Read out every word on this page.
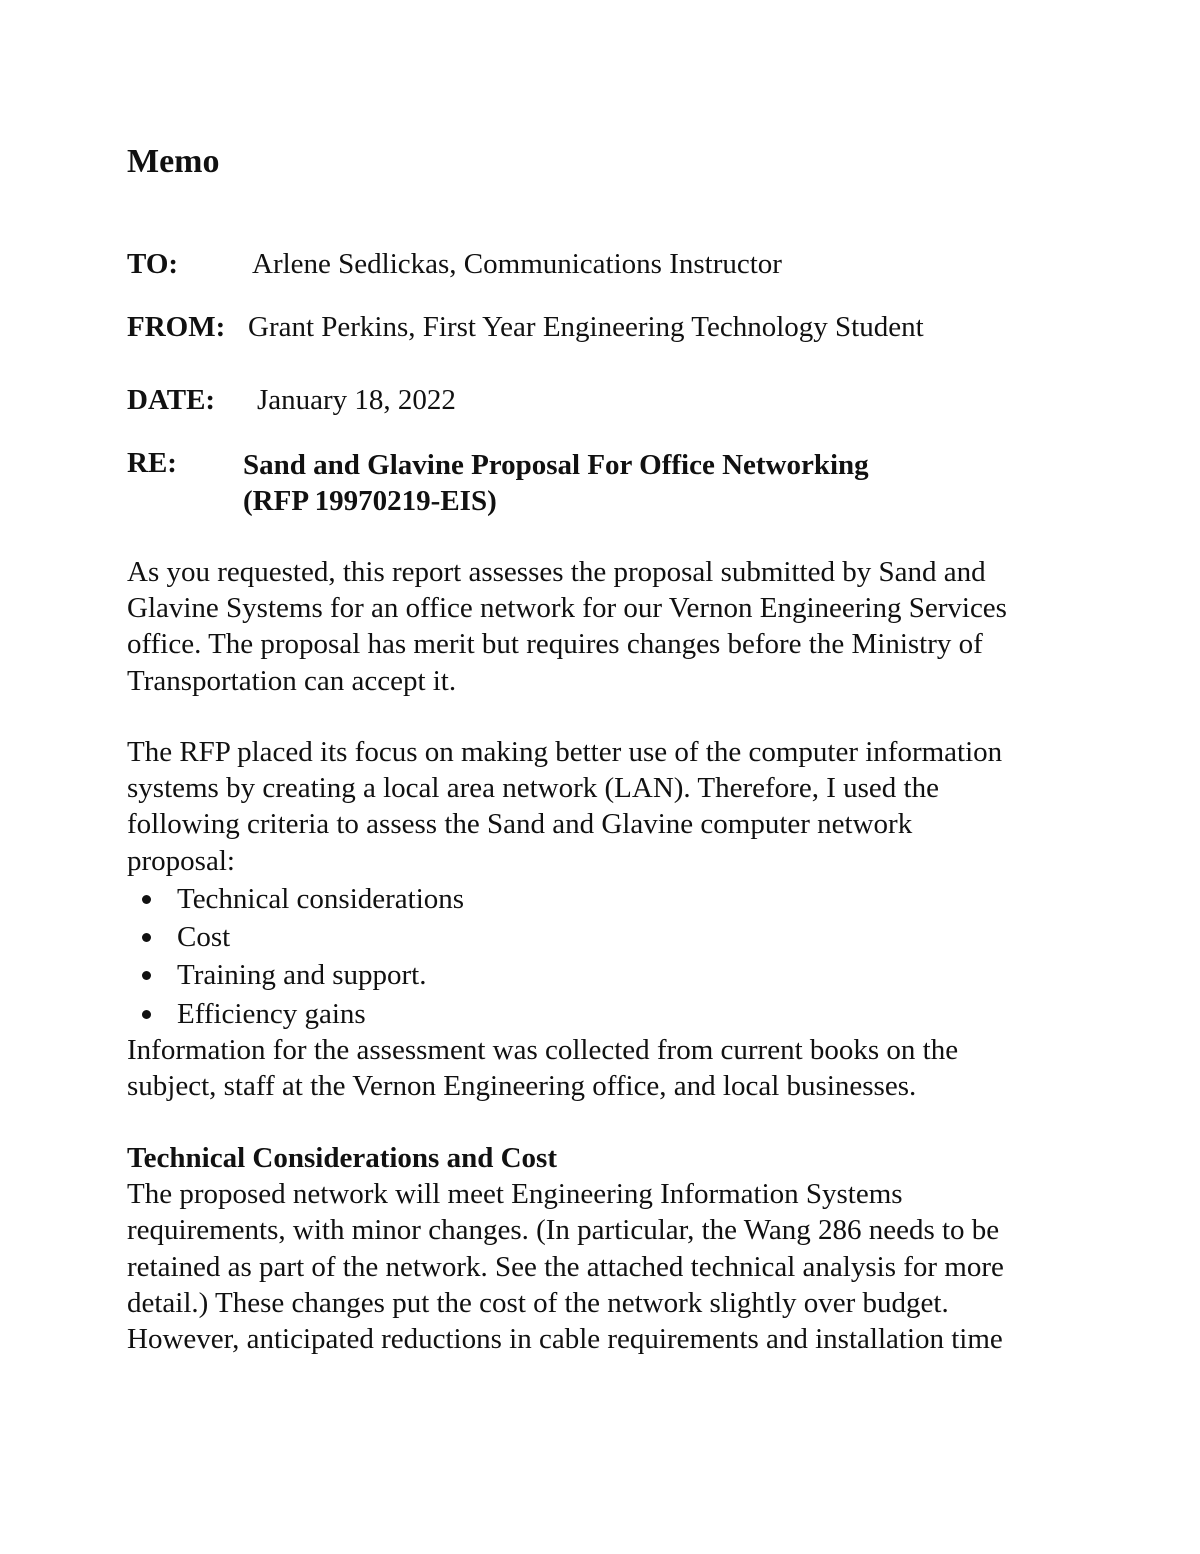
Memo
TO:	Arlene Sedlickas, Communications Instructor
FROM: Grant Perkins, First Year Engineering Technology Student
DATE: January 18, 2022
RE: Sand and Glavine Proposal For Office Networking
(RFP 19970219-EIS)
As you requested, this report assesses the proposal submitted by Sand and
Glavine Systems for an office network for our Vernon Engineering Services
office. The proposal has merit but requires changes before the Ministry of
Transportation can accept it.
The RFP placed its focus on making better use of the computer information
systems by creating a local area network (LAN). Therefore, I used the
following criteria to assess the Sand and Glavine computer network
proposal:
Technical considerations
Cost
Training and support.
Efficiency gains
Information for the assessment was collected from current books on the
subject, staff at the Vernon Engineering office, and local businesses.
Technical Considerations and Cost
The proposed network will meet Engineering Information Systems
requirements, with minor changes. (In particular, the Wang 286 needs to be
retained as part of the network. See the attached technical analysis for more
detail.) These changes put the cost of the network slightly over budget.
However, anticipated reductions in cable requirements and installation time
